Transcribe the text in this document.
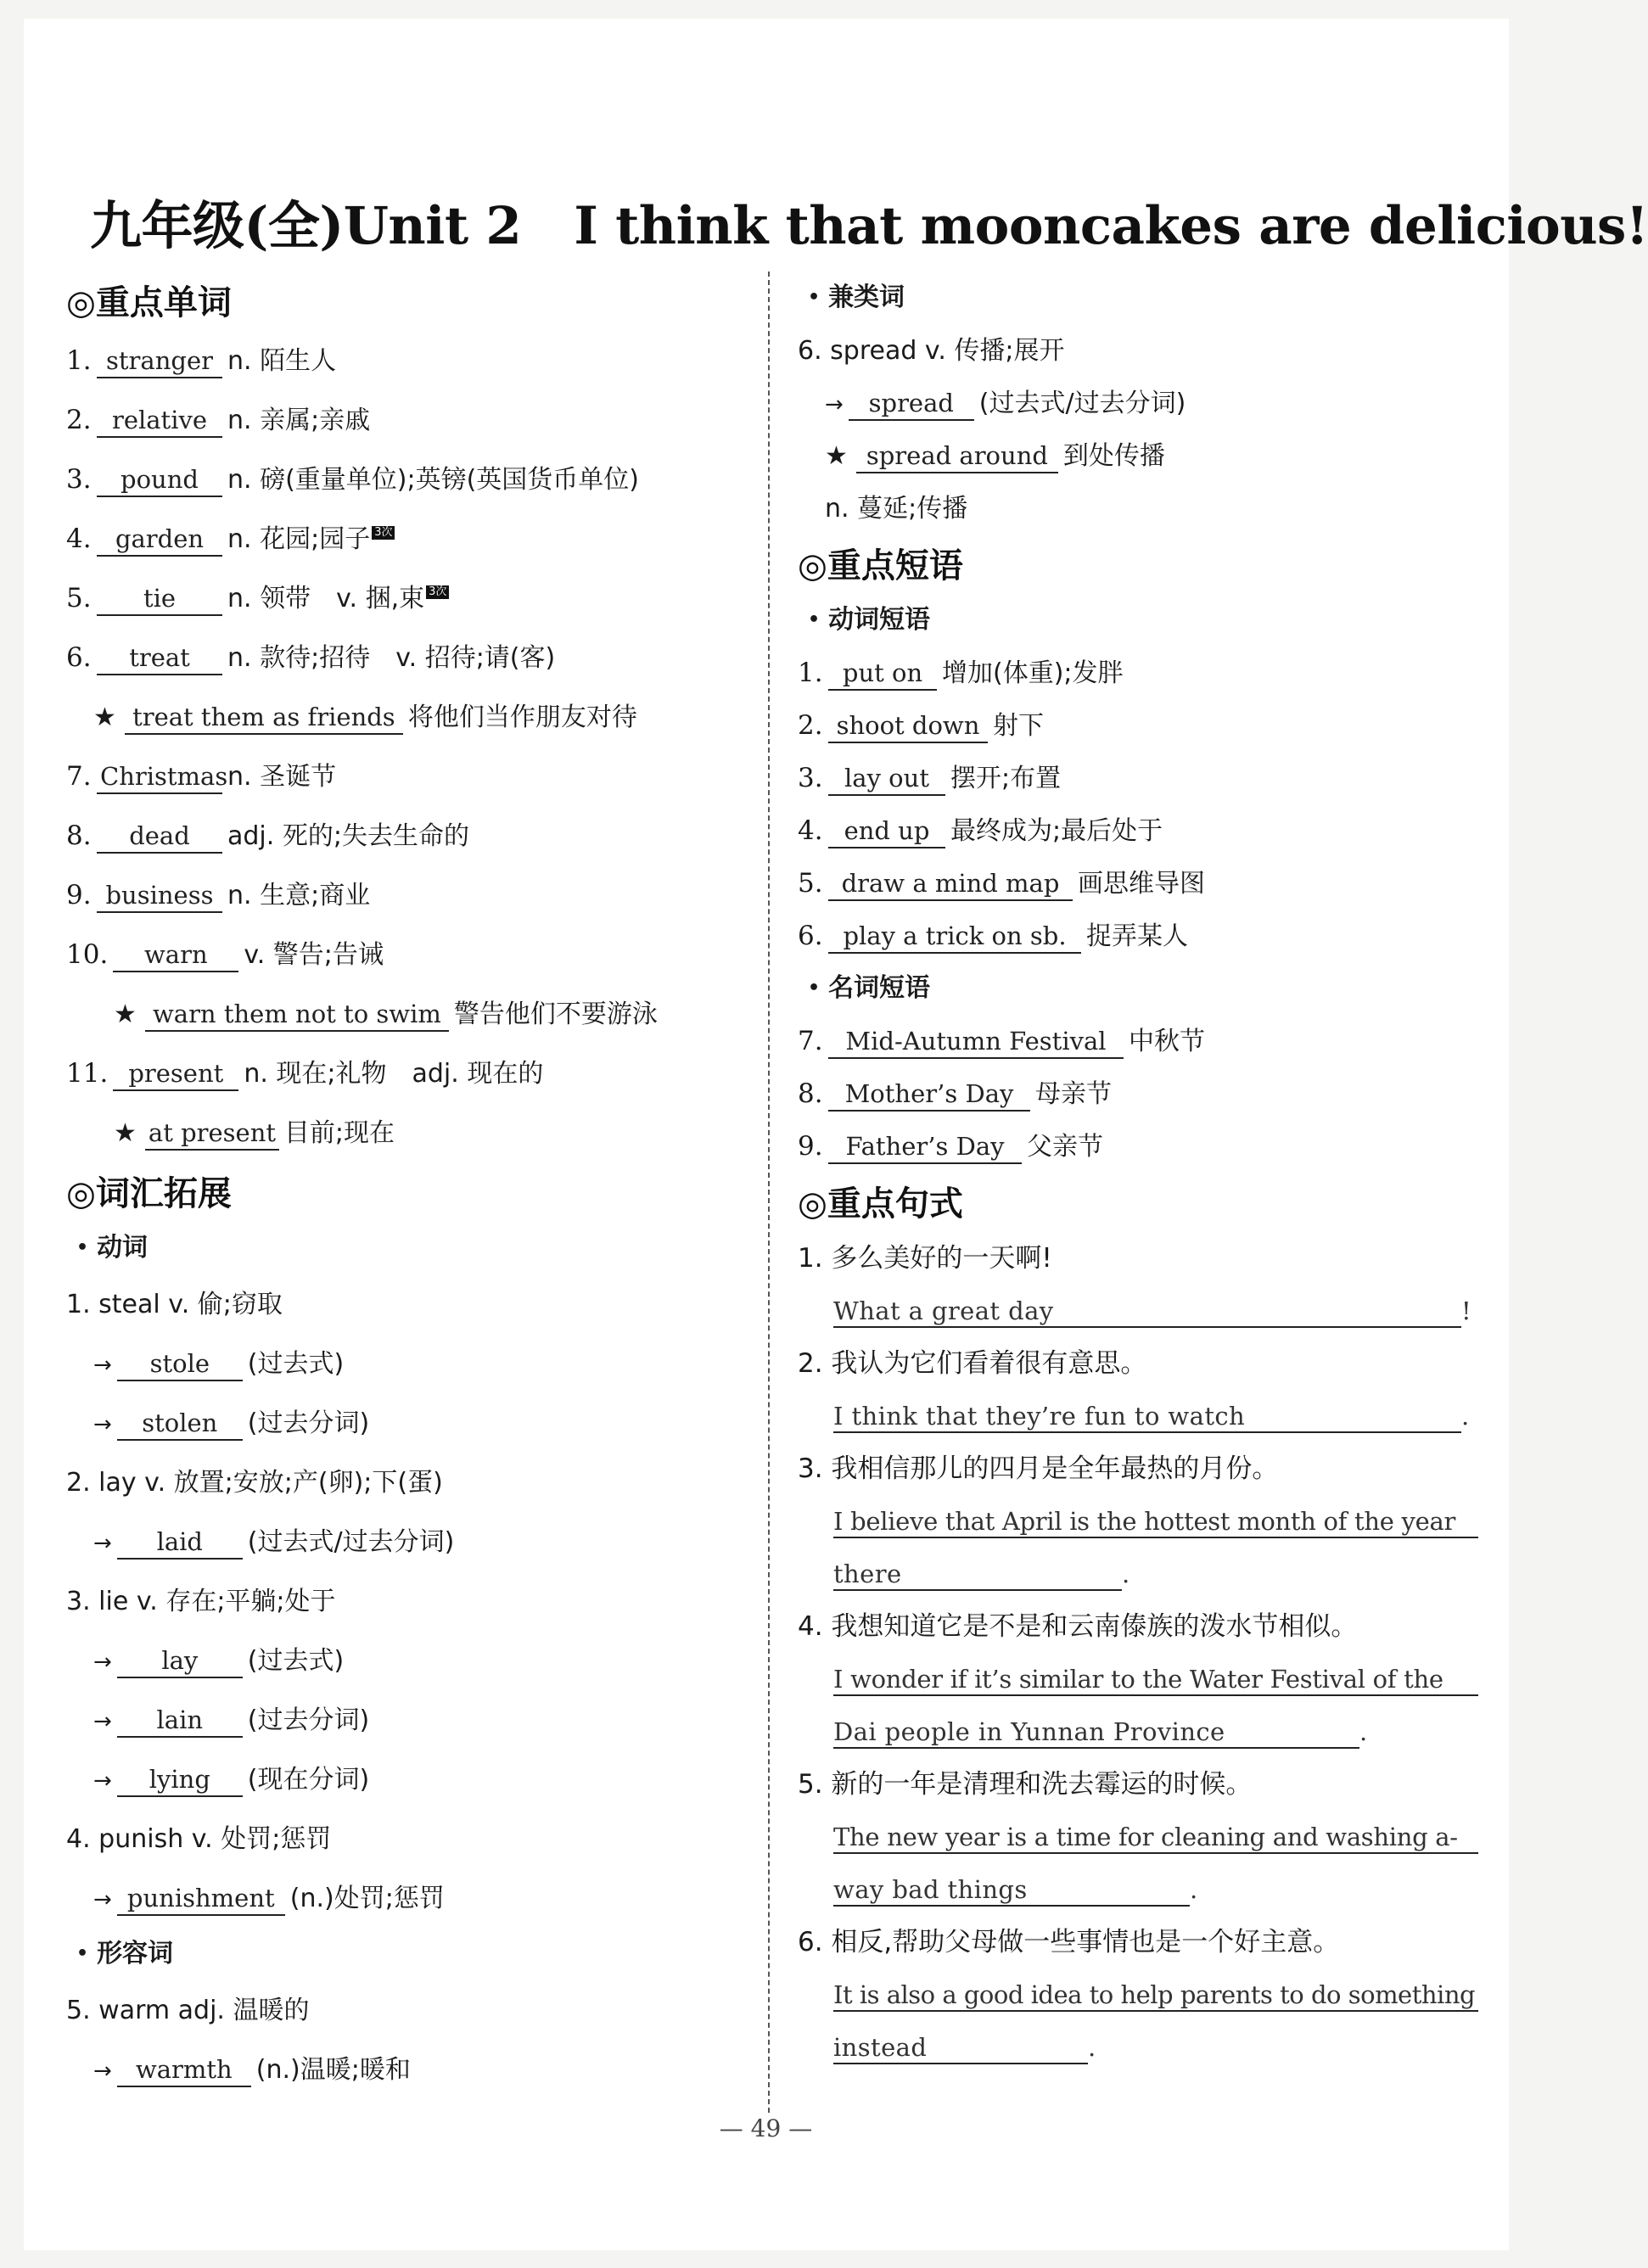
九年级(全)Unit 2 I think that mooncakes are delicious!
◎重点单词
1. stranger n. 陌生人
2. relative n. 亲属;亲戚
3. pound n. 磅(重量单位);英镑(英国货币单位)
4. garden n. 花园;园子 3次
5. tie n. 领带　v. 捆,束 3次
6. treat n. 款待;招待　v. 招待;请(客)
★ treat them as friends 将他们当作朋友对待
7. Christmasn. 圣诞节
8. dead adj. 死的;失去生命的
9. business n. 生意;商业
10. warn v. 警告;告诫
★ warn them not to swim 警告他们不要游泳
11. present n. 现在;礼物　adj. 现在的
★ at present 目前;现在
◎词汇拓展
• 动词
1. steal v. 偷;窃取
→ stole (过去式)
→ stolen (过去分词)
2. lay v. 放置;安放;产(卵);下(蛋)
→ laid (过去式/过去分词)
3. lie v. 存在;平躺;处于
→ lay (过去式)
→ lain (过去分词)
→ lying (现在分词)
4. punish v. 处罚;惩罚
→ punishment (n.)处罚;惩罚
• 形容词
5. warm adj. 温暖的
→ warmth (n.)温暖;暖和
• 兼类词
6. spread v. 传播;展开
→ spread (过去式/过去分词)
★ spread around 到处传播
n. 蔓延;传播
◎重点短语
• 动词短语
1. put on 增加(体重);发胖
2. shoot down 射下
3. lay out 摆开;布置
4. end up 最终成为;最后处于
5. draw a mind map 画思维导图
6. play a trick on sb. 捉弄某人
• 名词短语
7. Mid-Autumn Festival 中秋节
8. Mother’s Day 母亲节
9. Father’s Day 父亲节
◎重点句式
1. 多么美好的一天啊!
What a great day	!
2. 我认为它们看着很有意思。
I think that they’re fun to watch	.
3. 我相信那儿的四月是全年最热的月份。
I believe that April is the hottest month of the year
there	.
4. 我想知道它是不是和云南傣族的泼水节相似。
I wonder if it’s similar to the Water Festival of the
Dai people in Yunnan Province	.
5. 新的一年是清理和洗去霉运的时候。
The new year is a time for cleaning and washing a-
way bad things	.
6. 相反,帮助父母做一些事情也是一个好主意。
It is also a good idea to help parents to do something
instead	.
— 49 —
